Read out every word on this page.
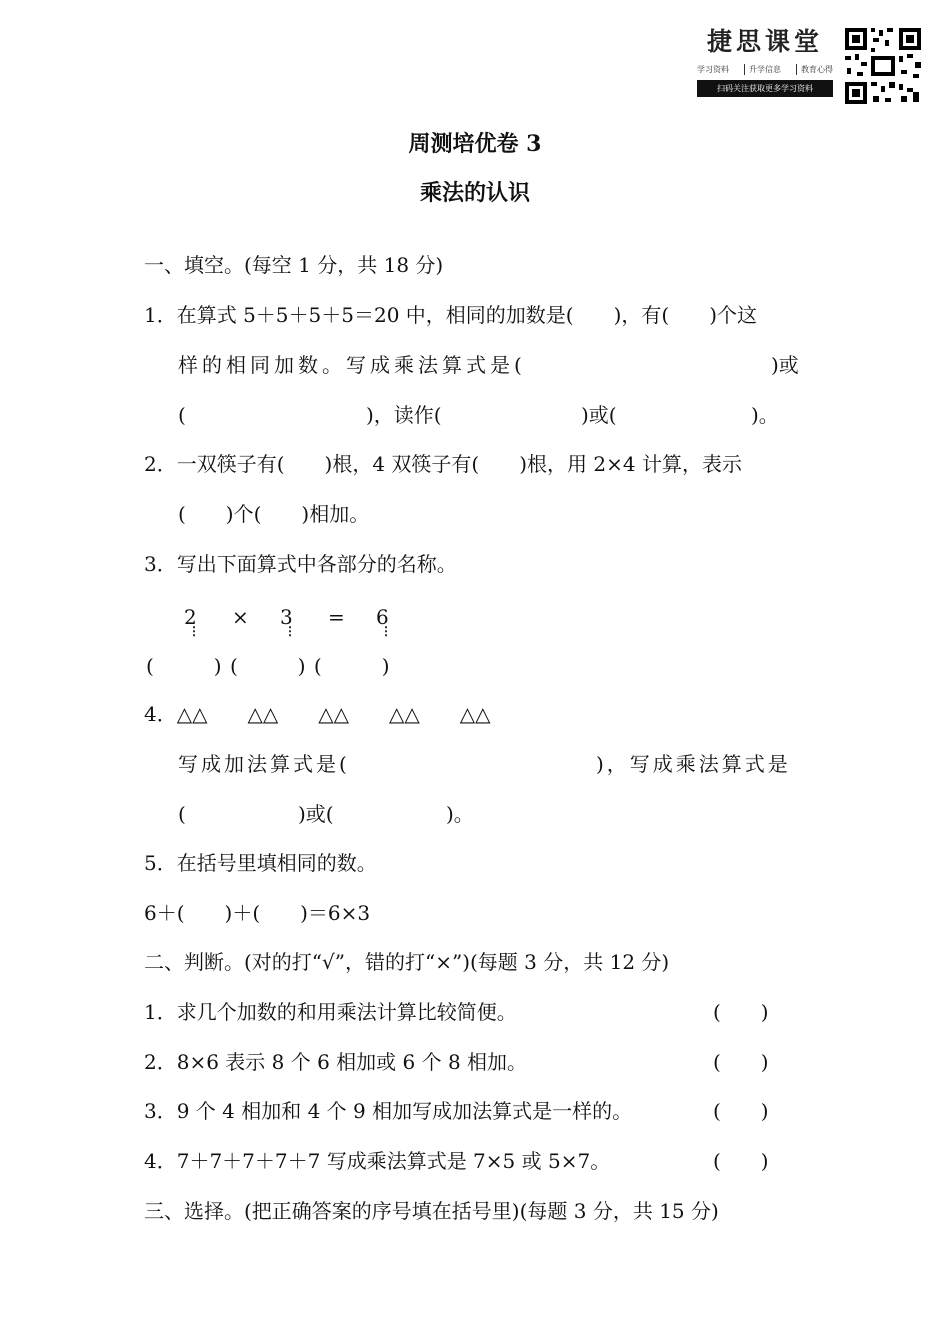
捷思课堂
学习资料	升学信息	教育心得
扫码关注获取更多学习资料
周测培优卷 3
乘法的认识
一、填空。(每空 1 分，共 18 分)
1．在算式 5＋5＋5＋5＝20 中，相同的加数是(　　)，有(　　)个这
样的相同加数。写成乘法算式是(	)或
(	)，读作(	)或(	)。
2．一双筷子有(　　)根，4 双筷子有(　　)根，用 2×4 计算，表示
(　　)个(　　)相加。
3．写出下面算式中各部分的名称。
2 × 3 = 6
⋮	⋮	⋮
(　　　) (　　　) (　　　)
4．△△　　△△　　△△　　△△　　△△
写成加法算式是(	)，写成乘法算式是
(	)或(	)。
5．在括号里填相同的数。
6＋(　　)＋(　　)＝6×3
二、判断。(对的打“√”，错的打“×”)(每题 3 分，共 12 分)
1．求几个加数的和用乘法计算比较简便。	(　　)
2．8×6 表示 8 个 6 相加或 6 个 8 相加。	(　　)
3．9 个 4 相加和 4 个 9 相加写成加法算式是一样的。	(　　)
4．7＋7＋7＋7＋7 写成乘法算式是 7×5 或 5×7。	(　　)
三、选择。(把正确答案的序号填在括号里)(每题 3 分，共 15 分)
